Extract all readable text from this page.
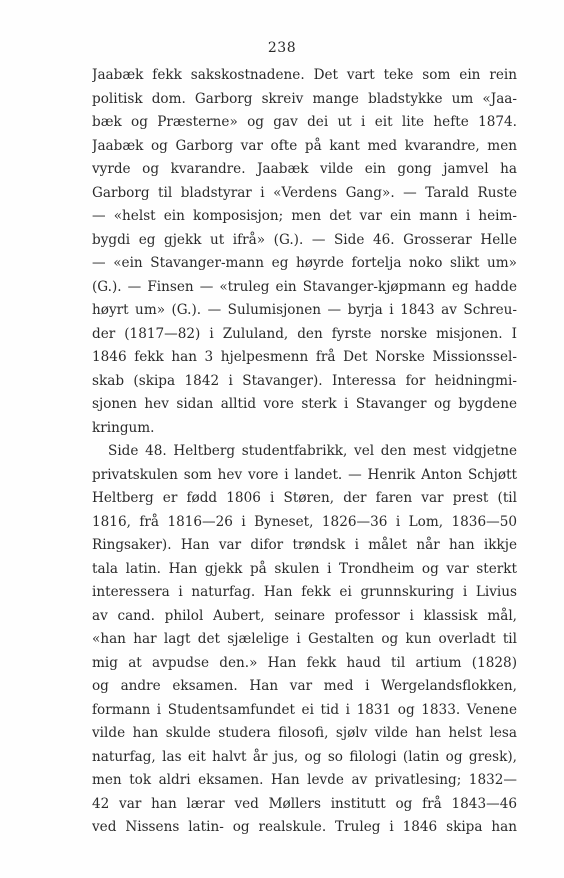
238
Jaabæk fekk sakskostnadene. Det vart teke som ein rein
politisk dom. Garborg skreiv mange bladstykke um «Jaa-
bæk og Præsterne» og gav dei ut i eit lite hefte 1874.
Jaabæk og Garborg var ofte på kant med kvarandre, men
vyrde og kvarandre. Jaabæk vilde ein gong jamvel ha
Garborg til bladstyrar i «Verdens Gang». — Tarald Ruste
— «helst ein komposisjon; men det var ein mann i heim-
bygdi eg gjekk ut ifrå» (G.). — Side 46. Grosserar Helle
— «ein Stavanger-mann eg høyrde fortelja noko slikt um»
(G.). — Finsen — «truleg ein Stavanger-kjøpmann eg hadde
høyrt um» (G.). — Sulumisjonen — byrja i 1843 av Schreu-
der (1817—82) i Zululand, den fyrste norske misjonen. I
1846 fekk han 3 hjelpesmenn frå Det Norske Missionssel-
skab (skipa 1842 i Stavanger). Interessa for heidningmi-
sjonen hev sidan alltid vore sterk i Stavanger og bygdene
kringum.
Side 48. Heltberg studentfabrikk, vel den mest vidgjetne
privatskulen som hev vore i landet. — Henrik Anton Schjøtt
Heltberg er fødd 1806 i Støren, der faren var prest (til
1816, frå 1816—26 i Byneset, 1826—36 i Lom, 1836—50
Ringsaker). Han var difor trøndsk i målet når han ikkje
tala latin. Han gjekk på skulen i Trondheim og var sterkt
interessera i naturfag. Han fekk ei grunnskuring i Livius
av cand. philol Aubert, seinare professor i klassisk mål,
«han har lagt det sjælelige i Gestalten og kun overladt til
mig at avpudse den.» Han fekk haud til artium (1828)
og andre eksamen. Han var med i Wergelandsflokken,
formann i Studentsamfundet ei tid i 1831 og 1833. Venene
vilde han skulde studera filosofi, sjølv vilde han helst lesa
naturfag, las eit halvt år jus, og so filologi (latin og gresk),
men tok aldri eksamen. Han levde av privatlesing; 1832—
42 var han lærar ved Møllers institutt og frå 1843—46
ved Nissens latin- og realskule. Truleg i 1846 skipa han
